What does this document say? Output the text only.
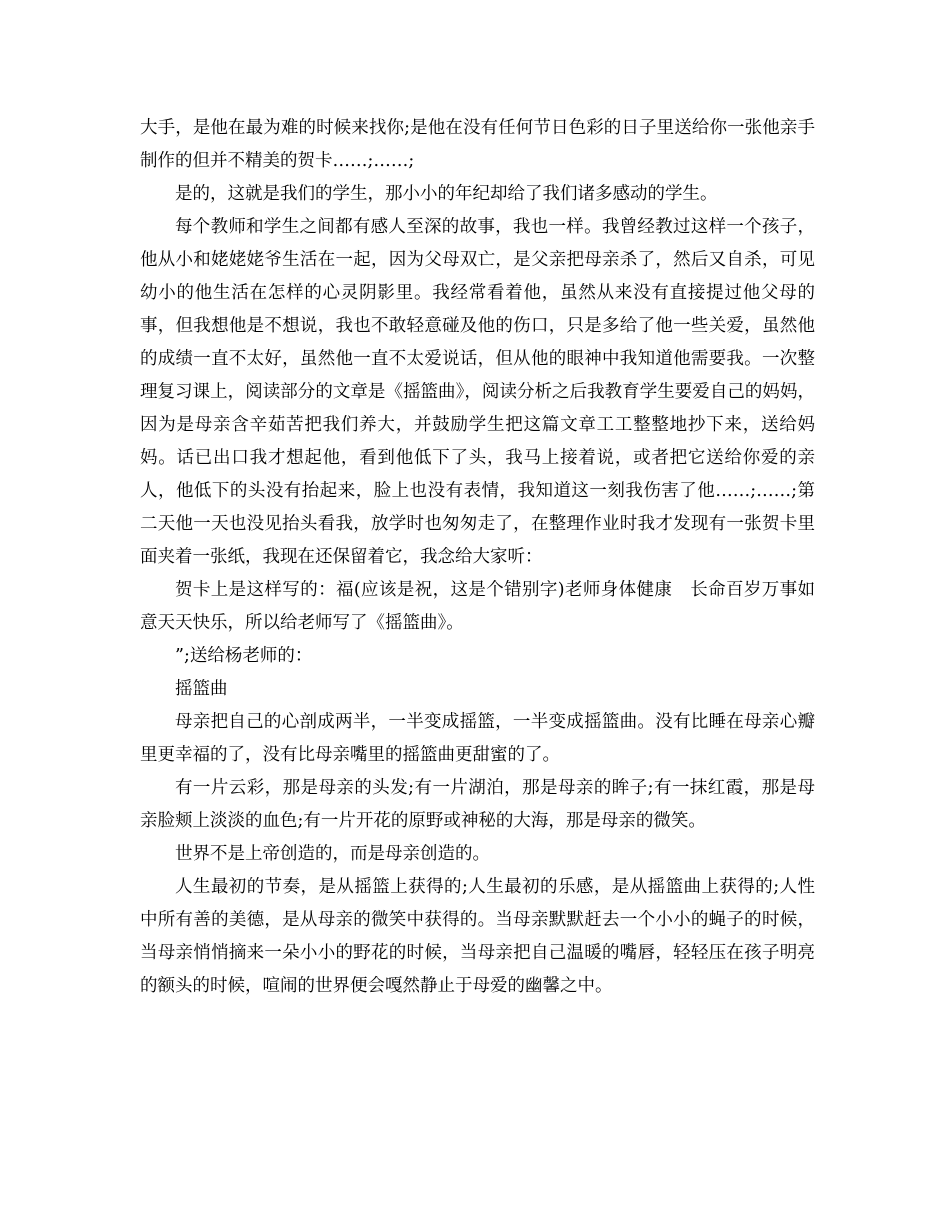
大手，是他在最为难的时候来找你;是他在没有任何节日色彩的日子里送给你一张他亲手制作的但并不精美的贺卡……;……;

是的，这就是我们的学生，那小小的年纪却给了我们诸多感动的学生。

每个教师和学生之间都有感人至深的故事，我也一样。我曾经教过这样一个孩子，他从小和姥姥姥爷生活在一起，因为父母双亡，是父亲把母亲杀了，然后又自杀，可见幼小的他生活在怎样的心灵阴影里。我经常看着他，虽然从来没有直接提过他父母的事，但我想他是不想说，我也不敢轻意碰及他的伤口，只是多给了他一些关爱，虽然他的成绩一直不太好，虽然他一直不太爱说话，但从他的眼神中我知道他需要我。一次整理复习课上，阅读部分的文章是《摇篮曲》，阅读分析之后我教育学生要爱自己的妈妈，因为是母亲含辛茹苦把我们养大，并鼓励学生把这篇文章工工整整地抄下来，送给妈妈。话已出口我才想起他，看到他低下了头，我马上接着说，或者把它送给你爱的亲人，他低下的头没有抬起来，脸上也没有表情，我知道这一刻我伤害了他……;……;第二天他一天也没见抬头看我，放学时也匆匆走了，在整理作业时我才发现有一张贺卡里面夹着一张纸，我现在还保留着它，我念给大家听：

贺卡上是这样写的：福(应该是祝，这是个错别字)老师身体健康　长命百岁万事如意天天快乐，所以给老师写了《摇篮曲》。

”;送给杨老师的：

摇篮曲

母亲把自己的心剖成两半，一半变成摇篮，一半变成摇篮曲。没有比睡在母亲心瓣里更幸福的了，没有比母亲嘴里的摇篮曲更甜蜜的了。

有一片云彩，那是母亲的头发;有一片湖泊，那是母亲的眸子;有一抹红霞，那是母亲脸颊上淡淡的血色;有一片开花的原野或神秘的大海，那是母亲的微笑。

世界不是上帝创造的，而是母亲创造的。

人生最初的节奏，是从摇篮上获得的;人生最初的乐感，是从摇篮曲上获得的;人性中所有善的美德，是从母亲的微笑中获得的。当母亲默默赶去一个小小的蝇子的时候，当母亲悄悄摘来一朵小小的野花的时候，当母亲把自己温暖的嘴唇，轻轻压在孩子明亮的额头的时候，喧闹的世界便会嘎然静止于母爱的幽馨之中。
